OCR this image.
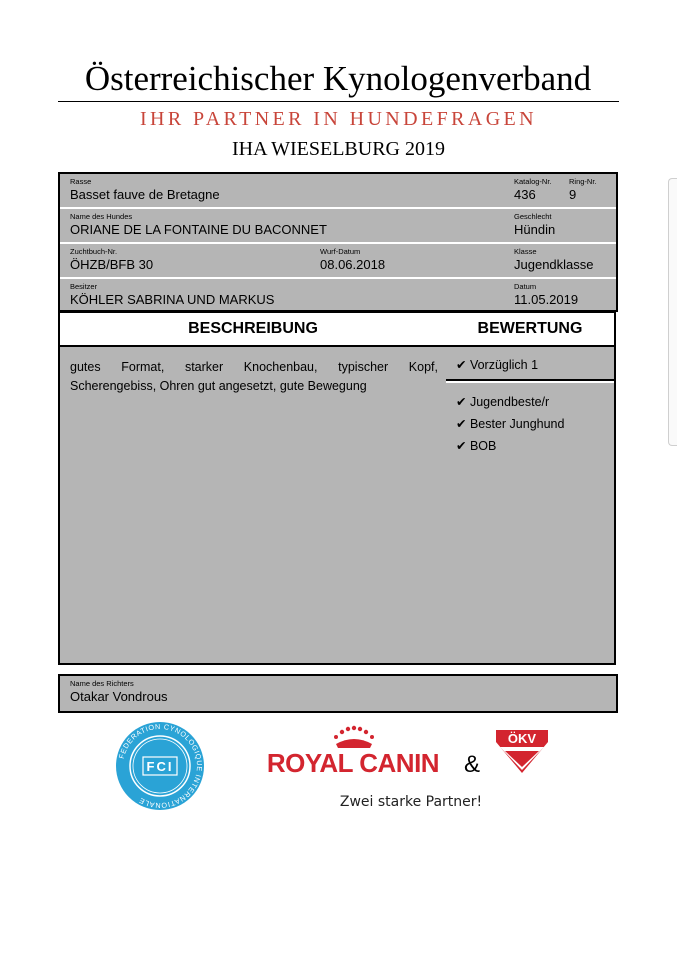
Österreichischer Kynologenverband
IHR PARTNER IN HUNDEFRAGEN
IHA WIESELBURG 2019
Rasse
Basset fauve de Bretagne
Katalog-Nr.
436
Ring-Nr.
9
Name des Hundes
ORIANE DE LA FONTAINE DU BACONNET
Geschlecht
Hündin
Zuchtbuch-Nr.
ÖHZB/BFB 30
Wurf-Datum
08.06.2018
Klasse
Jugendklasse
Besitzer
KÖHLER SABRINA UND MARKUS
Datum
11.05.2019
BESCHREIBUNG
gutes Format, starker Knochenbau, typischer Kopf, Scherengebiss, Ohren gut angesetzt, gute Bewegung
BEWERTUNG
✔ Vorzüglich 1
✔ Jugendbeste/r
✔ Bester Junghund
✔ BOB
Name des Richters
Otakar Vondrous
FEDERATION CYNOLOGIQUE INTERNATIONALE
FCI	ROYAL CANIN &
ÖKV
Zwei starke Partner!
